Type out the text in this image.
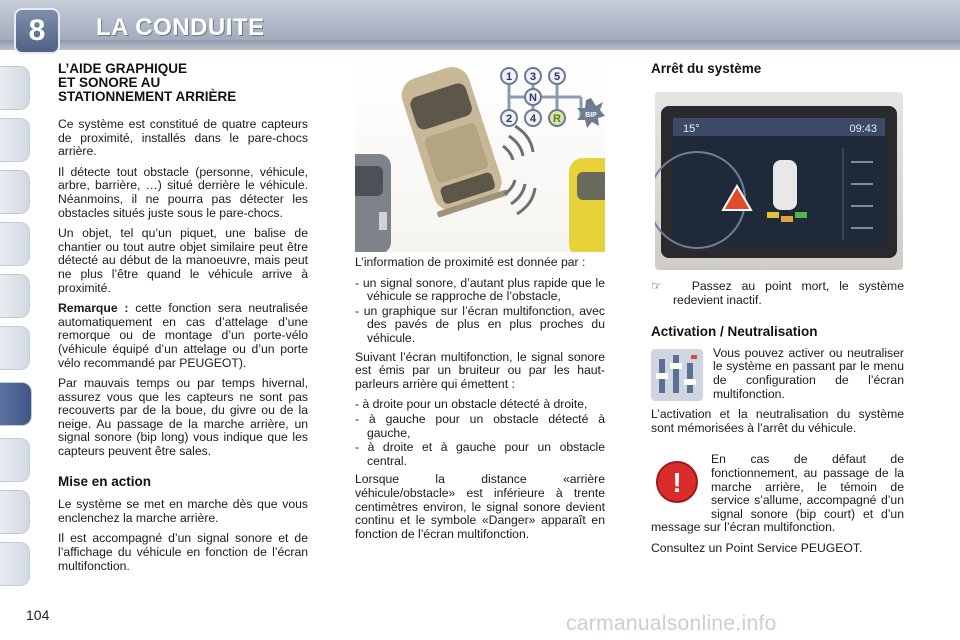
8	LA CONDUITE
L’AIDE GRAPHIQUE
ET SONORE AU
STATIONNEMENT ARRIÈRE

Ce système est constitué de quatre capteurs de proximité, installés dans le pare-chocs arrière.

Il détecte tout obstacle (personne, véhicule, arbre, barrière, …) situé derrière le véhicule. Néanmoins, il ne pourra pas détecter les obstacles situés juste sous le pare-chocs.

Un objet, tel qu’un piquet, une balise de chantier ou tout autre objet similaire peut être détecté au début de la manoeuvre, mais peut ne plus l’être quand le véhicule arrive à proximité.

Remarque : cette fonction sera neutralisée automatiquement en cas d’attelage d’une remorque ou de montage d’un porte-vélo (véhicule équipé d’un attelage ou d’un porte vélo recommandé par PEUGEOT).

Par mauvais temps ou par temps hivernal, assurez vous que les capteurs ne sont pas recouverts par de la boue, du givre ou de la neige. Au passage de la marche arrière, un signal sonore (bip long) vous indique que les capteurs peuvent être sales.

Mise en action

Le système se met en marche dès que vous enclenchez la marche arrière.

Il est accompagné d’un signal sonore et de l’affichage du véhicule en fonction de l’écran multifonction.

1 3 5
N
2 4 R	BIP

L’information de proximité est donnée par :

- un signal sonore, d’autant plus rapide que le véhicule se rapproche de l’obstacle,

- un graphique sur l’écran multifonction, avec des pavés de plus en plus proches du véhicule.

Suivant l’écran multifonction, le signal sonore est émis par un bruiteur ou par les haut-parleurs arrière qui émettent :

- à droite pour un obstacle détecté à droite,

- à gauche pour un obstacle détecté à gauche,

- à droite et à gauche pour un obstacle central.

Lorsque la distance «arrière véhicule/obstacle» est inférieure à trente centimètres environ, le signal sonore devient continu et le symbole «Danger» apparaît en fonction de l’écran multifonction.

Arrêt du système
15°	09:43

☞ Passez au point mort, le système redevient inactif.

Activation / Neutralisation

Vous pouvez activer ou neutraliser le système en passant par le menu de configuration de l’écran multifonction.

L’activation et la neutralisation du système sont mémorisées à l’arrêt du véhicule.

!

En cas de défaut de fonctionnement, au passage de la marche arrière, le témoin de service s’allume, accompagné d’un signal sonore (bip court) et d’un message sur l’écran multifonction.

Consultez un Point Service PEUGEOT.

104	carmanualsonline.info
